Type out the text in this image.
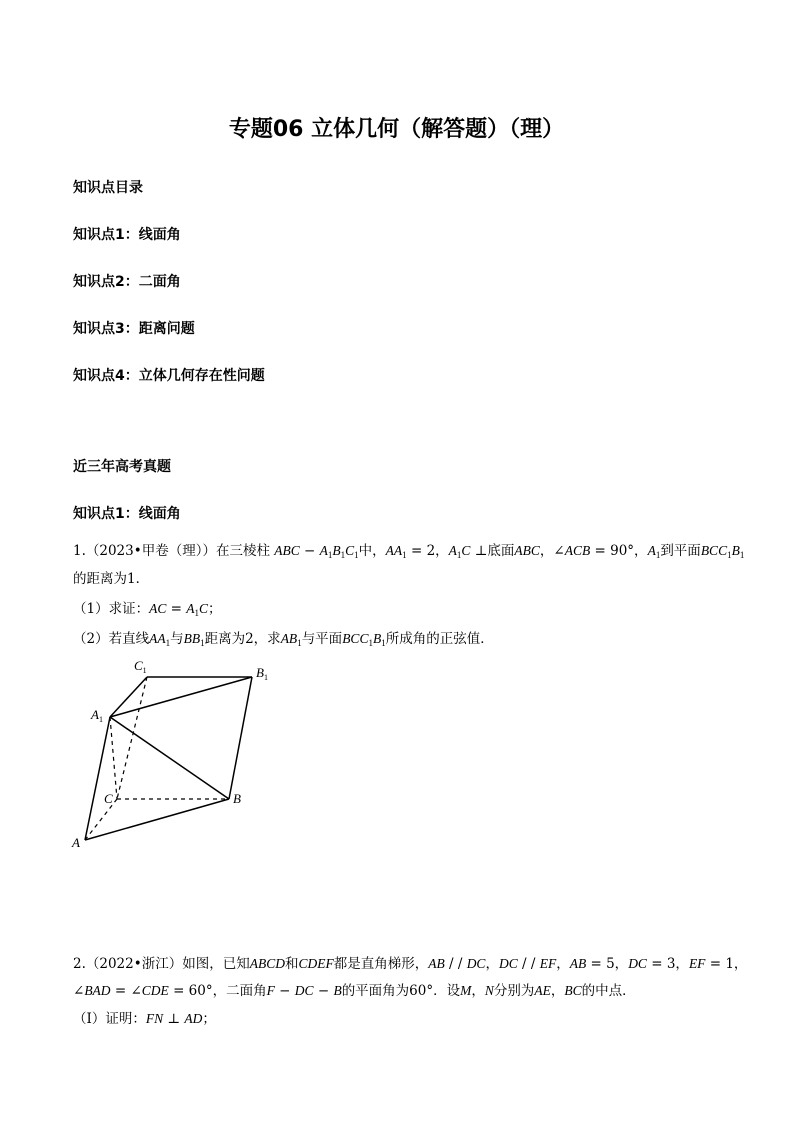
专题06 立体几何（解答题）（理）
知识点目录
知识点1：线面角
知识点2：二面角
知识点3：距离问题
知识点4：立体几何存在性问题
近三年高考真题
知识点1：线面角
1.（2023•甲卷（理））在三棱柱 ABC − $A_1B_1C_1$中，$AA_1 = 2$，$A_1C$ ⊥底面ABC，∠ACB = 90°，$A_1$到平面$BCC_1B_1$
的距离为1．
（1）求证：AC = $A_1C$；
（2）若直线$AA_1$与$BB_1$距离为2，求$AB_1$与平面$BCC_1B_1$所成角的正弦值．
$C_1$	$B_1$
$A_1$
C	B
A
2.（2022•浙江）如图，已知ABCD和CDEF都是直角梯形，AB / / DC，DC / / EF，AB = 5，DC = 3，EF = 1，
∠BAD = ∠CDE = 60°，二面角F − DC − B的平面角为60°．设M，N分别为AE，BC的中点．
（Ⅰ）证明：FN ⊥ AD；
